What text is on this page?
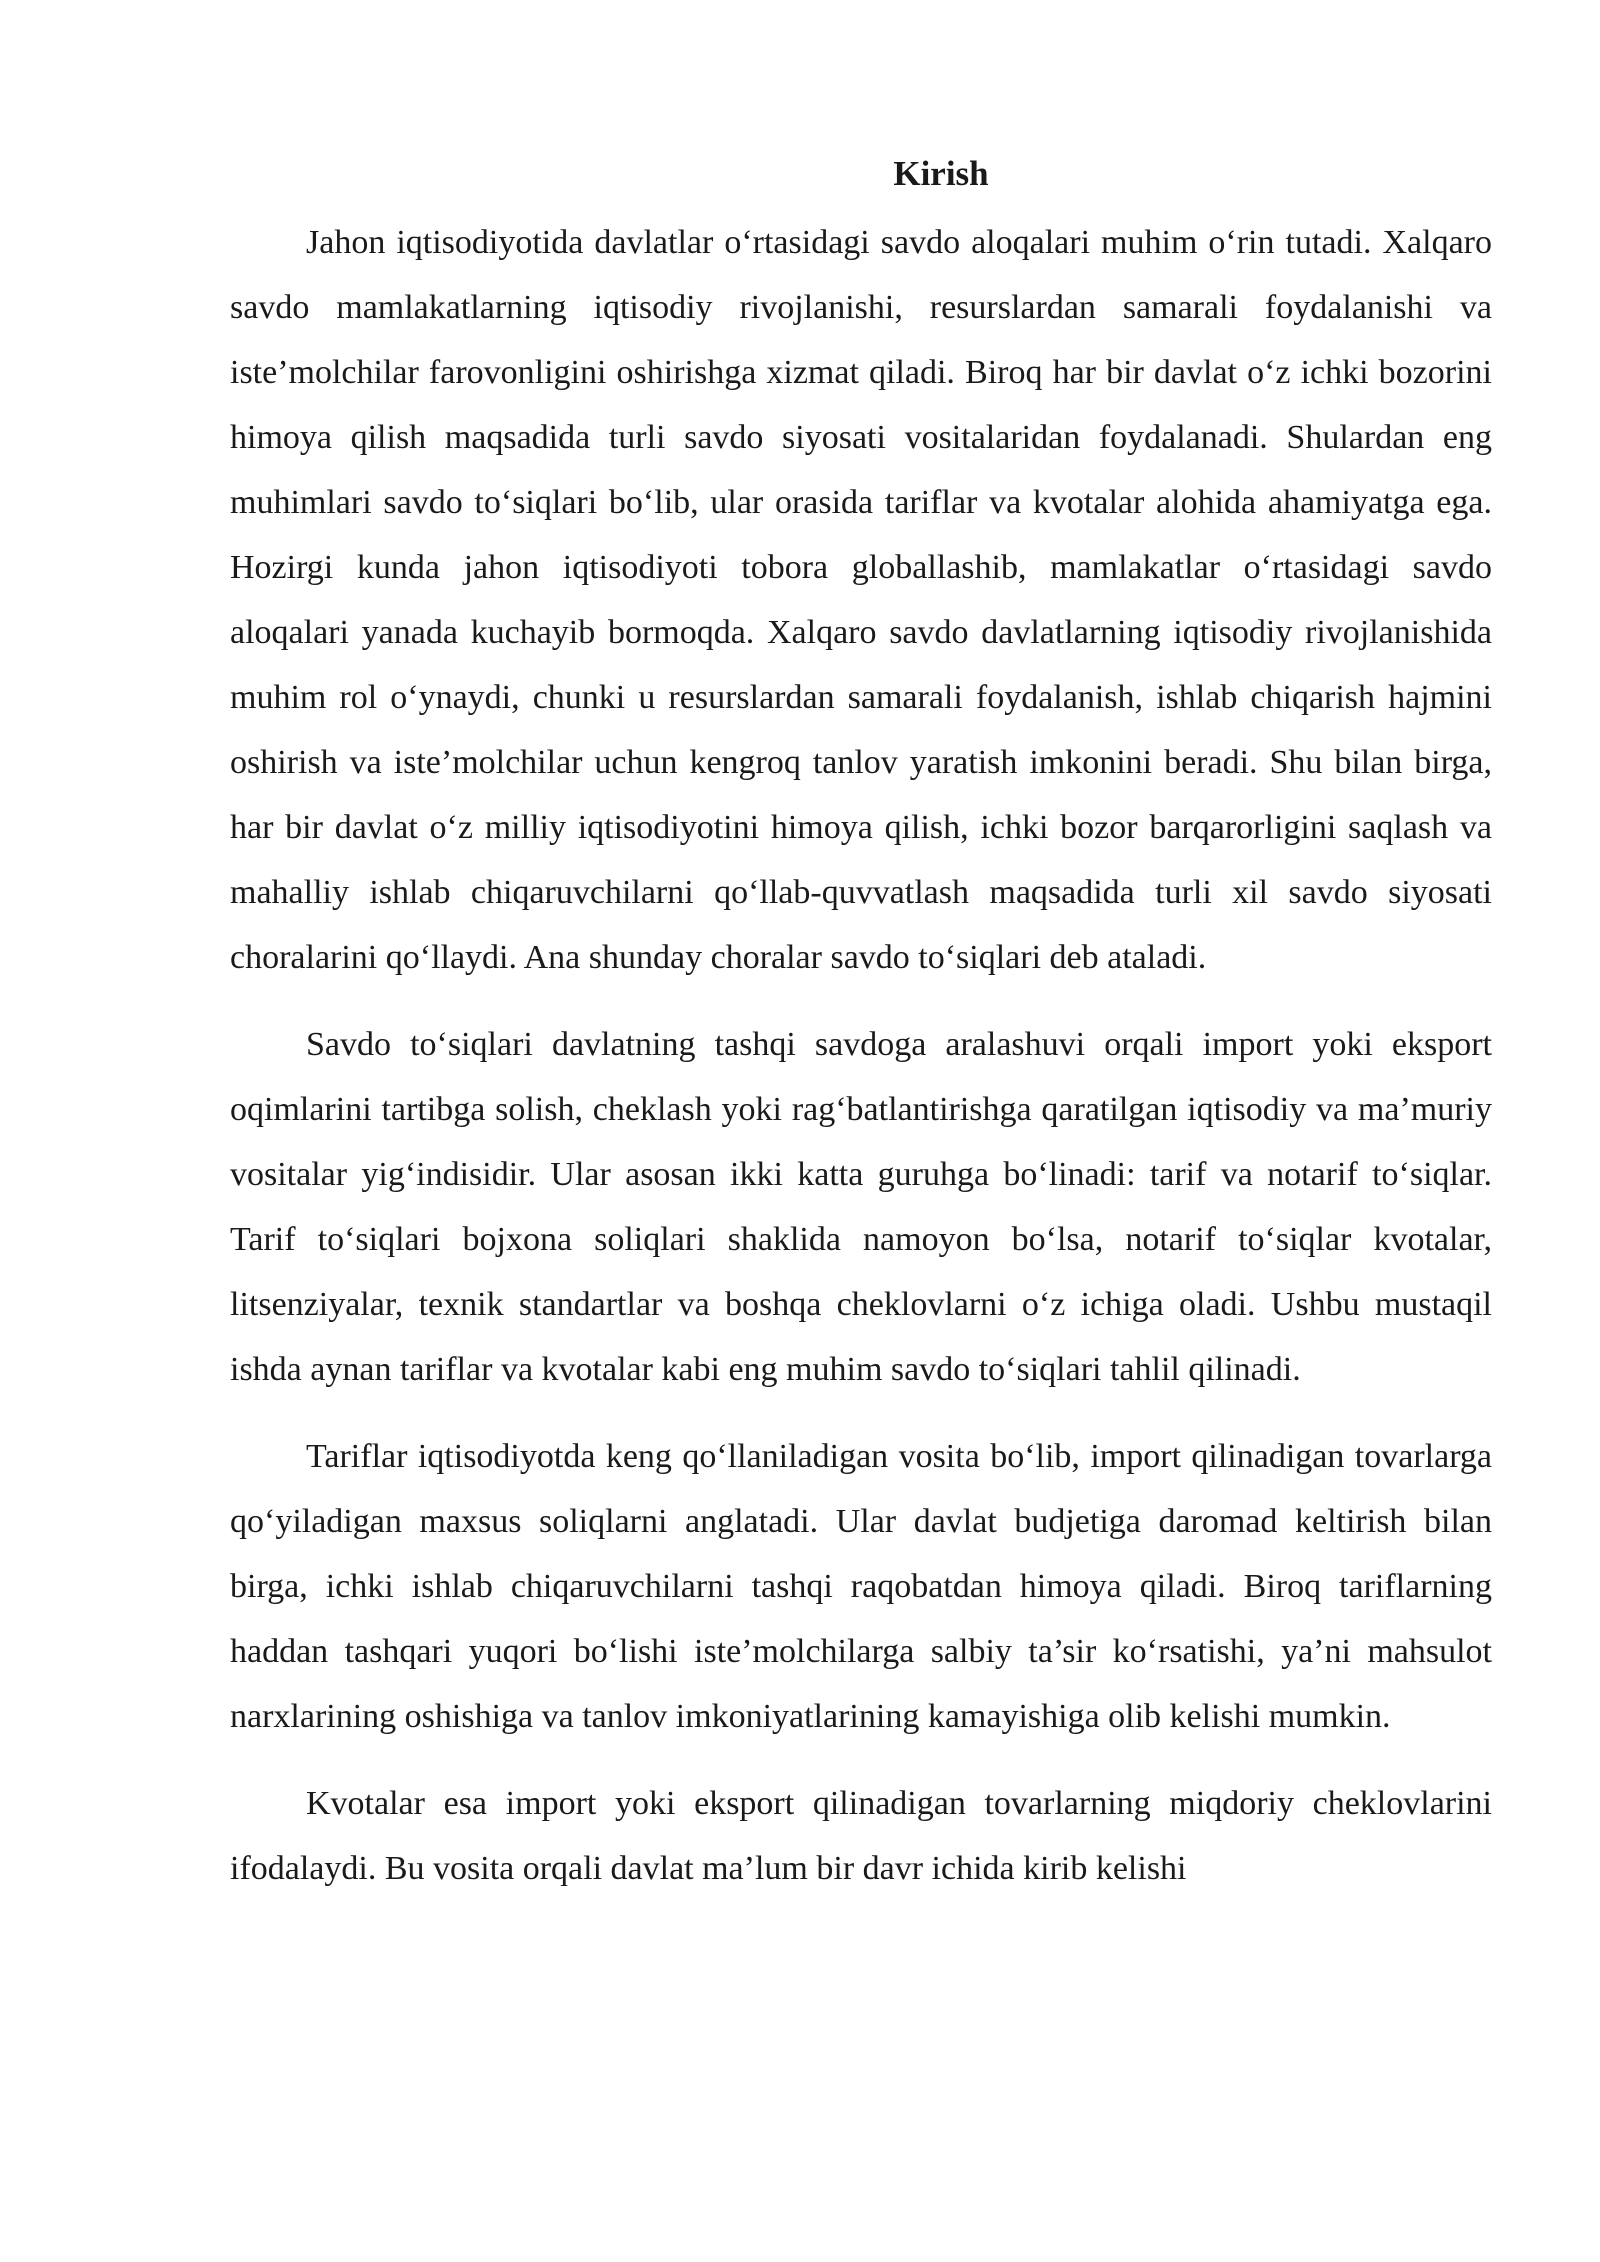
Kirish

Jahon iqtisodiyotida davlatlar o‘rtasidagi savdo aloqalari muhim o‘rin tutadi. Xalqaro savdo mamlakatlarning iqtisodiy rivojlanishi, resurslardan samarali foydalanishi va iste’molchilar farovonligini oshirishga xizmat qiladi. Biroq har bir davlat o‘z ichki bozorini himoya qilish maqsadida turli savdo siyosati vositalaridan foydalanadi. Shulardan eng muhimlari savdo to‘siqlari bo‘lib, ular orasida tariflar va kvotalar alohida ahamiyatga ega. Hozirgi kunda jahon iqtisodiyoti tobora globallashib, mamlakatlar o‘rtasidagi savdo aloqalari yanada kuchayib bormoqda. Xalqaro savdo davlatlarning iqtisodiy rivojlanishida muhim rol o‘ynaydi, chunki u resurslardan samarali foydalanish, ishlab chiqarish hajmini oshirish va iste’molchilar uchun kengroq tanlov yaratish imkonini beradi. Shu bilan birga, har bir davlat o‘z milliy iqtisodiyotini himoya qilish, ichki bozor barqarorligini saqlash va mahalliy ishlab chiqaruvchilarni qo‘llab-quvvatlash maqsadida turli xil savdo siyosati choralarini qo‘llaydi. Ana shunday choralar savdo to‘siqlari deb ataladi.

Savdo to‘siqlari davlatning tashqi savdoga aralashuvi orqali import yoki eksport oqimlarini tartibga solish, cheklash yoki rag‘batlantirishga qaratilgan iqtisodiy va ma’muriy vositalar yig‘indisidir. Ular asosan ikki katta guruhga bo‘linadi: tarif va notarif to‘siqlar. Tarif to‘siqlari bojxona soliqlari shaklida namoyon bo‘lsa, notarif to‘siqlar kvotalar, litsenziyalar, texnik standartlar va boshqa cheklovlarni o‘z ichiga oladi. Ushbu mustaqil ishda aynan tariflar va kvotalar kabi eng muhim savdo to‘siqlari tahlil qilinadi.

Tariflar iqtisodiyotda keng qo‘llaniladigan vosita bo‘lib, import qilinadigan tovarlarga qo‘yiladigan maxsus soliqlarni anglatadi. Ular davlat budjetiga daromad keltirish bilan birga, ichki ishlab chiqaruvchilarni tashqi raqobatdan himoya qiladi. Biroq tariflarning haddan tashqari yuqori bo‘lishi iste’molchilarga salbiy ta’sir ko‘rsatishi, ya’ni mahsulot narxlarining oshishiga va tanlov imkoniyatlarining kamayishiga olib kelishi mumkin.

Kvotalar esa import yoki eksport qilinadigan tovarlarning miqdoriy cheklovlarini ifodalaydi. Bu vosita orqali davlat ma’lum bir davr ichida kirib kelishi
